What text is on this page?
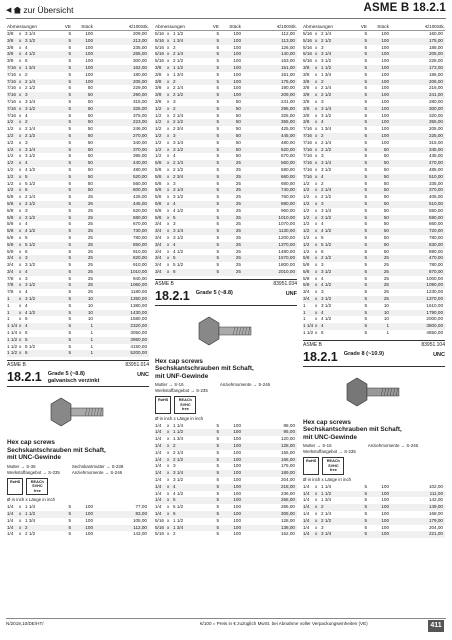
◀ zur Übersicht	ASME B 18.2.1
Abmessungen	VE	Stück	€/100Stk.
3/8	x 3 1/4	5	100	209,00
3/8	x 3 1/2	5	100	213,00
3/8	x 4	5	100	235,00
3/8	x 4 1/2	5	100	265,00
3/8	x 5	5	100	300,00
7/16 x 1 3/4	5	100	162,00
7/16 x 2	5	100	180,00
7/16 x 2 1/4	5	100	205,00
7/16 x 2 1/2	5	50	229,00
7/16 x 3	5	50	290,00
7/16 x 3 1/4	5	50	315,00
7/16 x 3 1/2	5	50	325,00
7/16 x 4	5	50	375,00
1/2	x 2	5	50	223,00
1/2	x 2 1/4	5	50	246,00
1/2	x 2 1/2	5	50	270,00
1/2	x 3	5	50	340,00
1/2	x 3 1/4	5	50	370,00
1/2	x 3 1/2	5	50	395,00
1/2	x 4	5	50	440,00
1/2	x 4 1/2	5	50	480,00
1/2	x 5	5	50	520,00
1/2	x 5 1/2	5	50	560,00
1/2	x 6	5	50	600,00
5/8	x 2 1/4	5	25	425,00
5/8	x 2 1/2	5	25	445,00
5/8	x 3	5	25	520,00
5/8	x 3 1/2	5	25	580,00
5/8	x 4	5	25	670,00
5/8	x 4 1/2	5	25	730,00
5/8	x 5	5	25	780,00
5/8	x 5 1/2	5	25	850,00
5/8	x 6	5	25	910,00
3/4	x 3	5	25	820,00
3/4	x 3 1/2	5	25	910,00
3/4	x 4	5	25	1010,00
7/8	x 3	5	25	940,00
7/8	x 3 1/2	5	25	1060,00
7/8	x 4	5	25	1180,00
1	x 3 1/2	5	10	1350,00
1	x 4	5	10	1380,00
1	x 4 1/2	5	10	1430,00
1	x 5	5	10	1580,00
1 1/4 x 4	5	1	2320,00
1 1/4 x 5	5	1	3050,00
1 1/2 x 5	5	1	3950,00
1 1/2 x 5 1/2	5	1	4150,00
1 1/2 x 6	5	1	5200,00
ASME B	83951.014
18.2.1 Grade 5 (~8.8)
galvanisch verzinkt
UNC
Hex cap screws
Sechskantschrauben mit Schaft,
mit UNC-Gewinde
Mutter → S-36
Werkstoffangebot → S-235
Sechskantmutter → S-238
Anziehmomente → S-246
RoHS	REACh SVHC free
Ø in inch x Länge in inch
1/4	x 1 1/4	5	100	77,00
1/4	x 1 1/2	5	100	83,00
1/4	x 1 3/4	5	100	105,00
1/4	x 2	5	100	112,00
1/4	x 2 1/2	5	100	143,00
Abmessungen	VE	Stück	€/100Stk.
5/16 x 1 1/2	5	100	112,00
5/16 x 1 3/4	5	100	113,00
5/16 x 2	5	100	126,00
5/16 x 2 1/4	5	100	140,00
5/16 x 2 1/2	5	100	153,00
3/8	x 1 1/2	5	100	151,00
3/8	x 1 3/4	5	100	161,00
3/8	x 2	5	100	175,00
3/8	x 2 1/4	5	100	190,00
3/8	x 2 1/2	5	100	209,00
3/8	x 3	5	50	241,00
1/2	x 2	5	50	295,00
1/2	x 2 1/4	5	50	325,00
1/2	x 2 1/2	5	50	355,00
1/2	x 2 3/4	5	50	425,00
1/2	x 3	5	50	445,00
1/2	x 3 1/4	5	50	480,00
1/2	x 3 1/2	5	50	520,00
1/2	x 4	5	50	570,00
5/8	x 2 1/4	5	25	560,00
5/8	x 2 1/2	5	25	580,00
5/8	x 2 3/4	5	25	660,00
5/8	x 3	5	25	680,00
5/8	x 3 1/4	5	25	740,00
5/8	x 3 1/2	5	25	760,00
5/8	x 4	5	25	880,00
5/8	x 4 1/2	5	25	960,00
5/8	x 5	5	25	1010,00
3/4	x 3	5	25	1070,00
3/4	x 3 1/4	5	25	1130,00
3/4	x 3 1/2	5	25	1200,00
3/4	x 4	5	25	1370,00
3/4	x 4 1/2	5	25	1480,00
3/4	x 5	5	25	1570,00
3/4	x 5 1/2	5	25	1800,00
3/4	x 6	5	25	2010,00
ASME B	83951.034
18.2.1 Grade 5 (~8.8)	UNF
Hex cap screws
Sechskantschrauben mit Schaft,
mit UNF-Gewinde
Mutter → S-16
Werkstoffangebot → S-235
Anziehmomente → S-246
RoHS	REACh SVHC free
Ø in inch x Länge in inch
1/4	x 1 1/4	5	100	88,00
1/4	x 1 1/2	5	100	95,00
1/4	x 1 3/4	5	100	120,00
1/4	x 2	5	100	128,00
1/4	x 2 1/4	5	100	155,00
1/4	x 2 1/2	5	100	166,00
1/4	x 3	5	100	175,00
1/4	x 3 1/4	5	100	189,00
1/4	x 3 1/2	5	100	204,00
1/4	x 4	5	100	218,00
1/4	x 4 1/2	5	100	236,00
1/4	x 5	5	100	265,00
1/4	x 5 1/2	5	100	285,00
1/4	x 6	5	100	305,00
5/16 x 1 1/2	5	100	128,00
5/16 x 1 3/4	5	100	138,00
5/16 x 2	5	100	152,00
Abmessungen	VE	Stück	€/100Stk.
5/16 x 2 1/4	5	100	160,00
5/16 x 2 1/2	5	100	175,00
5/16 x 3	5	100	188,00
5/16 x 3 1/4	5	100	205,00
5/16 x 3 1/2	5	100	228,00
3/8	x 1 1/2	5	100	173,00
3/8	x 1 3/4	5	100	186,00
3/8	x 2	5	100	206,00
3/8	x 2 1/4	5	100	216,00
3/8	x 2 1/2	5	100	241,00
3/8	x 3	5	100	280,00
3/8	x 3 1/4	5	100	300,00
3/8	x 3 1/2	5	100	320,00
3/8	x 4	5	100	355,00
7/16 x 1 3/4	5	100	205,00
7/16 x 2	5	100	225,00
7/16 x 2 1/4	5	100	315,00
7/16 x 2 1/2	5	50	345,00
7/16 x 3	5	50	435,00
7/16 x 3 1/4	5	50	470,00
7/16 x 3 1/2	5	50	485,00
7/16 x 4	5	50	510,00
1/2	x 2	5	50	335,00
1/2	x 2 1/4	5	50	370,00
1/2	x 2 1/2	5	50	405,00
1/2	x 3	5	50	510,00
1/2	x 3 1/4	5	50	550,00
1/2	x 3 1/2	5	50	590,00
1/2	x 4	5	50	660,00
1/2	x 4 1/2	5	50	720,00
1/2	x 5	5	50	780,00
1/2	x 5 1/2	5	50	830,00
1/2	x 6	5	50	890,00
5/8	x 2 1/2	5	25	470,00
5/8	x 3	5	25	780,00
5/8	x 3 1/2	5	25	870,00
5/8	x 4	5	25	1000,00
5/8	x 4 1/2	5	25	1090,00
3/4	x 3	5	25	1230,00
3/4	x 3 1/2	5	25	1370,00
1	x 3 1/2	5	10	1610,00
1	x 4	5	10	1790,00
1	x 4 1/2	5	10	2000,00
1 1/4 x 4	5	1	3800,00
1 1/2 x 5	5	1	4650,00
ASME B	83951.104
18.2.1 Grade 8 (~10.9)	UNC
Hex cap screws
Sechskantschrauben mit Schaft,
mit UNC-Gewinde
Mutter → S-16
Werkstoffangebot → S-235
Anziehmomente → S-246
RoHS	REACh SVHC free
Ø in inch x Länge in inch
1/4	x 1 1/4	5	100	102,00
1/4	x 1 1/2	5	100	111,00
1/4	x 1 3/4	5	100	142,00
1/4	x 2	5	100	149,00
1/4	x 2 1/4	5	100	168,00
1/4	x 2 1/2	5	100	179,00
1/4	x 3	5	100	204,00
1/4	x 3 1/4	5	100	221,00
N/2019,10/DE/HT/	€/100 = Preis in € zuzüglich MwSt. bei Abnahme voller Verpackungseinheiten (VE)	411
